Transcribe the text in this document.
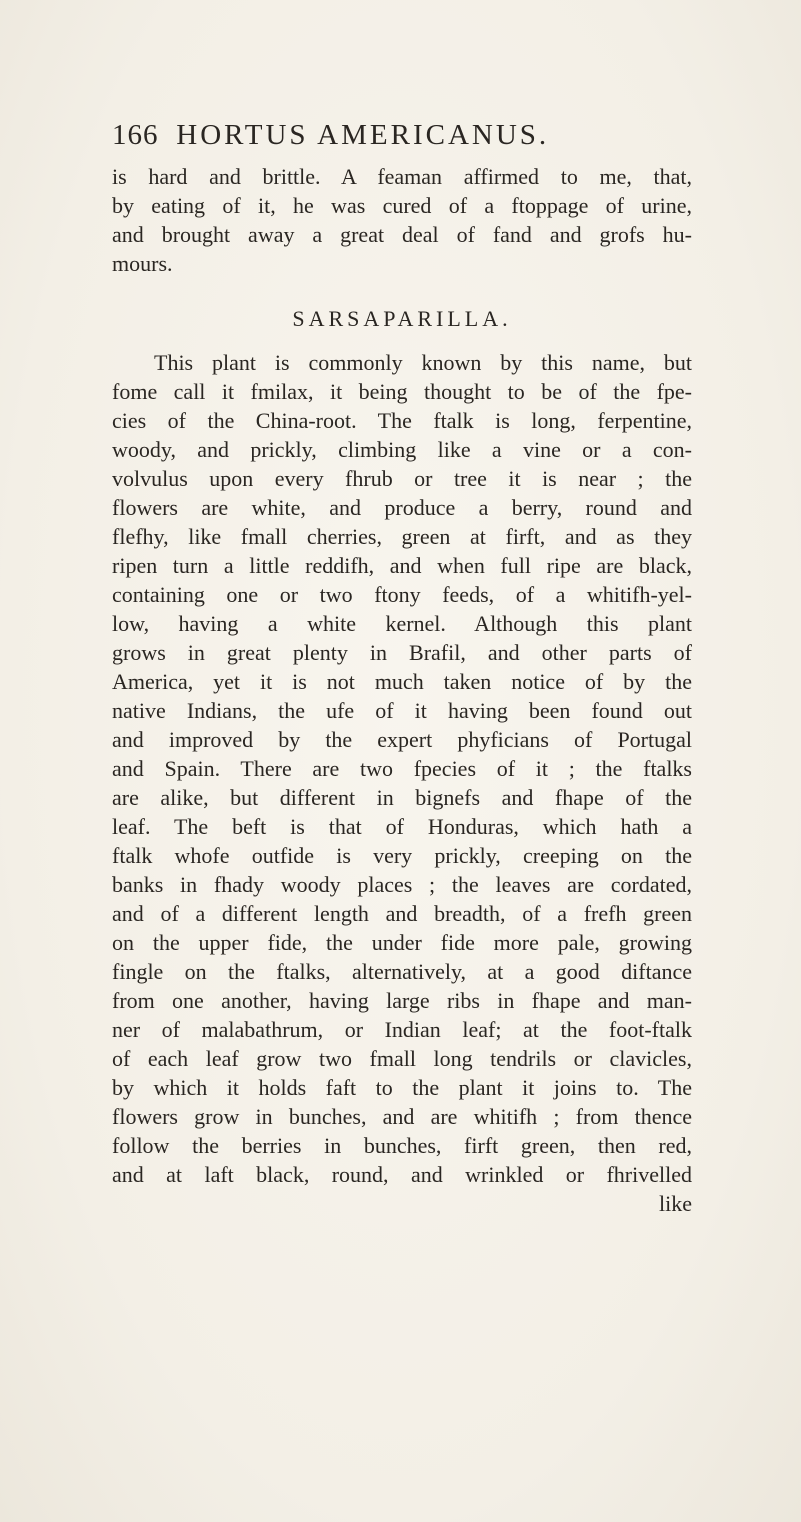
166 HORTUS AMERICANUS.
is hard and brittle. A feaman affirmed to me, that,
by eating of it, he was cured of a ftoppage of urine,
and brought away a great deal of fand and grofs hu-
mours.
SARSAPARILLA.
This plant is commonly known by this name, but
fome call it fmilax, it being thought to be of the fpe-
cies of the China-root. The ftalk is long, ferpentine,
woody, and prickly, climbing like a vine or a con-
volvulus upon every fhrub or tree it is near ; the
flowers are white, and produce a berry, round and
flefhy, like fmall cherries, green at firft, and as they
ripen turn a little reddifh, and when full ripe are black,
containing one or two ftony feeds, of a whitifh-yel-
low, having a white kernel. Although this plant
grows in great plenty in Brafil, and other parts of
America, yet it is not much taken notice of by the
native Indians, the ufe of it having been found out
and improved by the expert phyficians of Portugal
and Spain. There are two fpecies of it ; the ftalks
are alike, but different in bignefs and fhape of the
leaf. The beft is that of Honduras, which hath a
ftalk whofe outfide is very prickly, creeping on the
banks in fhady woody places ; the leaves are cordated,
and of a different length and breadth, of a frefh green
on the upper fide, the under fide more pale, growing
fingle on the ftalks, alternatively, at a good diftance
from one another, having large ribs in fhape and man-
ner of malabathrum, or Indian leaf; at the foot-ftalk
of each leaf grow two fmall long tendrils or clavicles,
by which it holds faft to the plant it joins to. The
flowers grow in bunches, and are whitifh ; from thence
follow the berries in bunches, firft green, then red,
and at laft black, round, and wrinkled or fhrivelled
like
